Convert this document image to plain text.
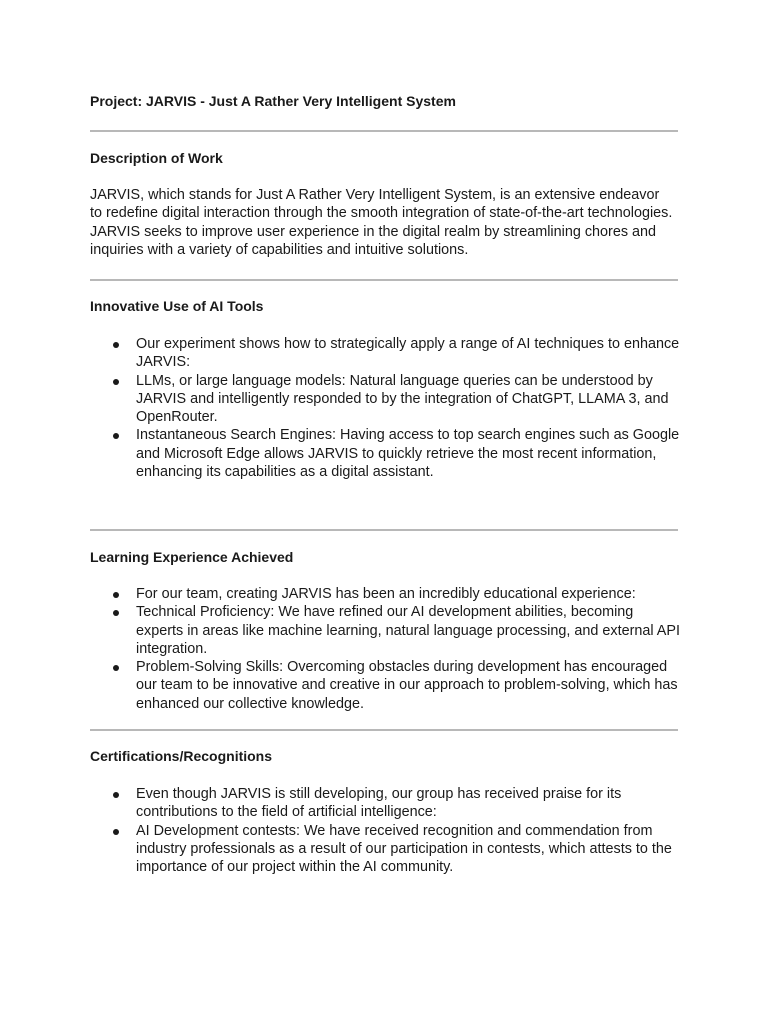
Project: JARVIS - Just A Rather Very Intelligent System
Description of Work

JARVIS, which stands for Just A Rather Very Intelligent System, is an extensive endeavor to redefine digital interaction through the smooth integration of state-of-the-art technologies. JARVIS seeks to improve user experience in the digital realm by streamlining chores and inquiries with a variety of capabilities and intuitive solutions.

Innovative Use of AI Tools
Our experiment shows how to strategically apply a range of AI techniques to enhance JARVIS:
LLMs, or large language models: Natural language queries can be understood by JARVIS and intelligently responded to by the integration of ChatGPT, LLAMA 3, and OpenRouter.
Instantaneous Search Engines: Having access to top search engines such as Google and Microsoft Edge allows JARVIS to quickly retrieve the most recent information, enhancing its capabilities as a digital assistant.
Learning Experience Achieved
For our team, creating JARVIS has been an incredibly educational experience:
Technical Proficiency: We have refined our AI development abilities, becoming experts in areas like machine learning, natural language processing, and external API integration.
Problem-Solving Skills: Overcoming obstacles during development has encouraged our team to be innovative and creative in our approach to problem-solving, which has enhanced our collective knowledge.
Certifications/Recognitions
Even though JARVIS is still developing, our group has received praise for its contributions to the field of artificial intelligence:
AI Development contests: We have received recognition and commendation from industry professionals as a result of our participation in contests, which attests to the importance of our project within the AI community.
